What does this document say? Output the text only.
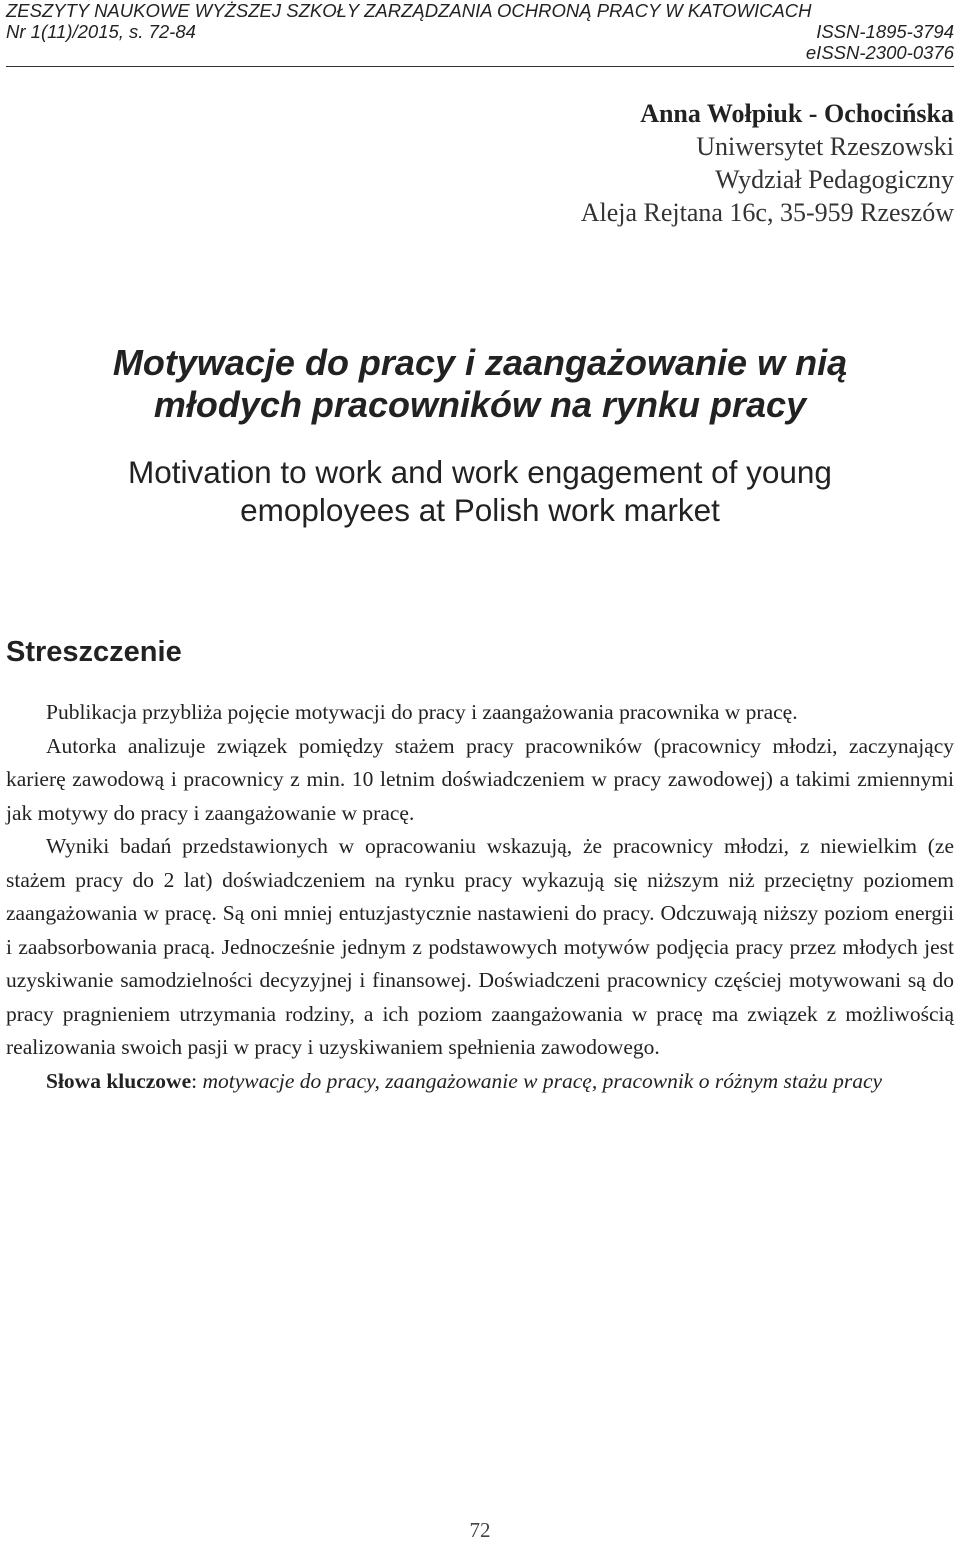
ZESZYTY NAUKOWE WYŻSZEJ SZKOŁY ZARZĄDZANIA OCHRONĄ PRACY W KATOWICACH
Nr 1(11)/2015, s. 72-84	ISSN-1895-3794
eISSN-2300-0376
Anna Wołpiuk - Ochocińska
Uniwersytet Rzeszowski
Wydział Pedagogiczny
Aleja Rejtana 16c, 35-959 Rzeszów
Motywacje do pracy i zaangażowanie w nią
młodych pracowników na rynku pracy
Motivation to work and work engagement of young
emoployees at Polish work market
Streszczenie

Publikacja przybliża pojęcie motywacji do pracy i zaangażowania pracownika w pracę.

Autorka analizuje związek pomiędzy stażem pracy pracowników (pracownicy młodzi, zaczynający karierę zawodową i pracownicy z min. 10 letnim doświadczeniem w pracy zawodowej) a takimi zmiennymi jak motywy do pracy i zaangażowanie w pracę.

Wyniki badań przedstawionych w opracowaniu wskazują, że pracownicy młodzi, z niewielkim (ze stażem pracy do 2 lat) doświadczeniem na rynku pracy wykazują się niższym niż przeciętny poziomem zaangażowania w pracę. Są oni mniej entuzjastycznie nastawieni do pracy. Odczuwają niższy poziom energii i zaabsorbowania pracą. Jednocześnie jednym z podstawowych motywów podjęcia pracy przez młodych jest uzyskiwanie samodzielności decyzyjnej i finansowej. Doświadczeni pracownicy częściej motywowani są do pracy pragnieniem utrzymania rodziny, a ich poziom zaangażowania w pracę ma związek z możliwością realizowania swoich pasji w pracy i uzyskiwaniem spełnienia zawodowego.

Słowa kluczowe: motywacje do pracy, zaangażowanie w pracę, pracownik o różnym stażu pracy

72
